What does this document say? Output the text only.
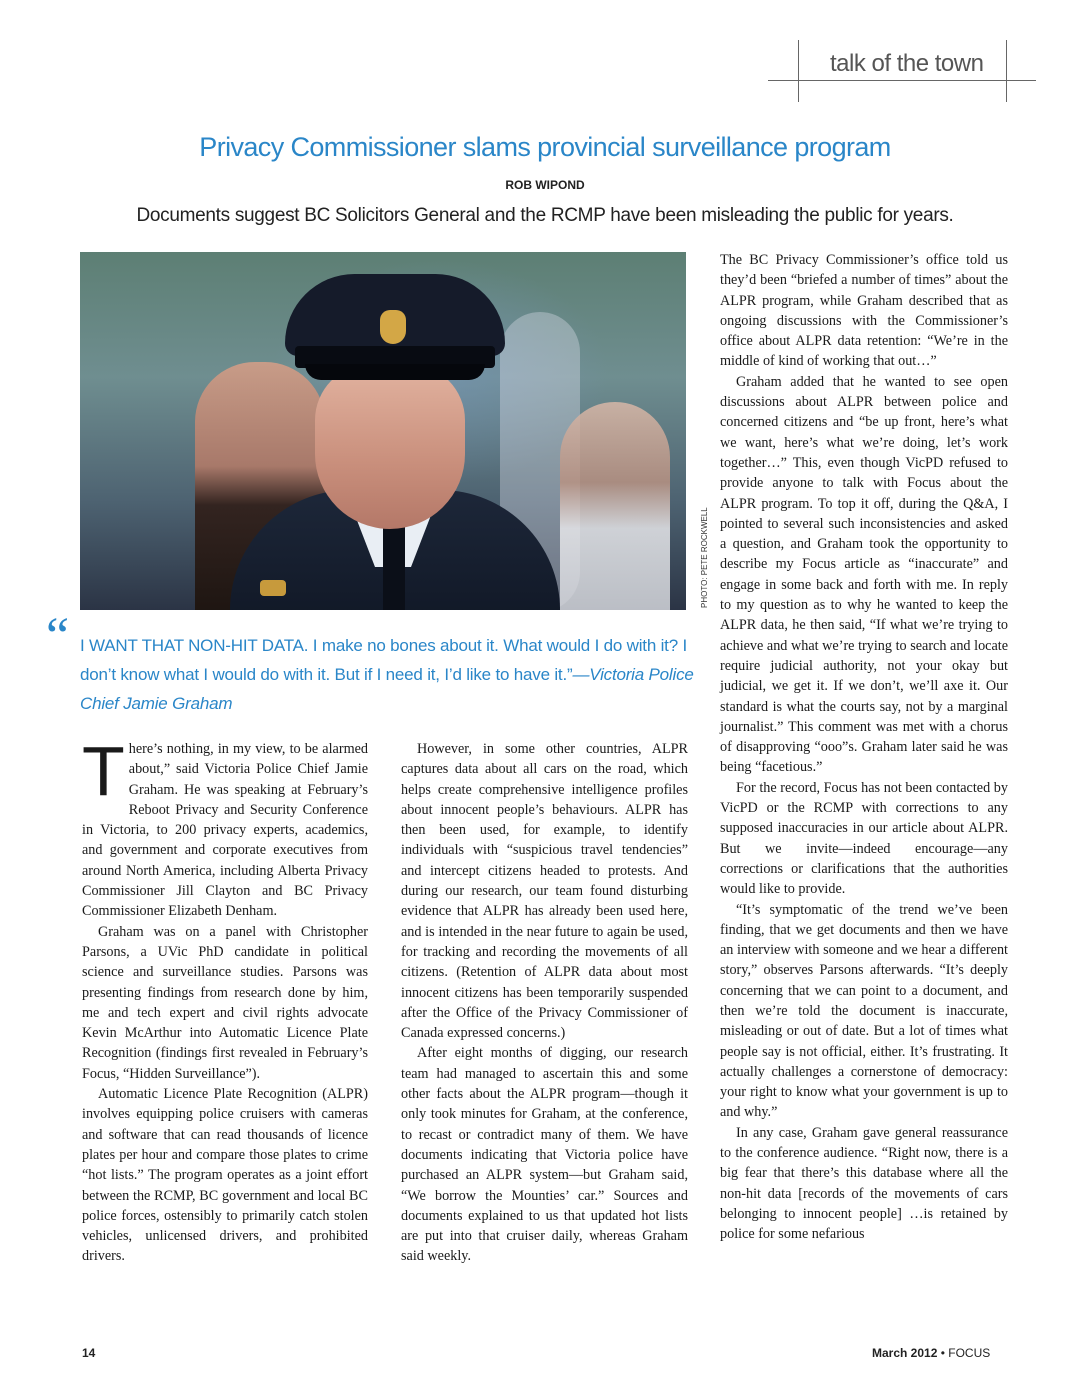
talk of the town
Privacy Commissioner slams provincial surveillance program
ROB WIPOND
Documents suggest BC Solicitors General and the RCMP have been misleading the public for years.
PHOTO: PETE ROCKWELL
“ I WANT THAT NON-HIT DATA. I make no bones about it. What would I do with it? I don’t know what I would do with it. But if I need it, I’d like to have it.”—Victoria Police Chief Jamie Graham

There’s nothing, in my view, to be alarmed about,” said Victoria Police Chief Jamie Graham. He was speaking at February’s Reboot Privacy and Security Conference in Victoria, to 200 privacy experts, academics, and government and corporate executives from around North America, including Alberta Privacy Commissioner Jill Clayton and BC Privacy Commissioner Elizabeth Denham.

Graham was on a panel with Christopher Parsons, a UVic PhD candidate in political science and surveillance studies. Parsons was presenting findings from research done by him, me and tech expert and civil rights advocate Kevin McArthur into Automatic Licence Plate Recognition (findings first revealed in February’s Focus, “Hidden Surveillance”).

Automatic Licence Plate Recognition (ALPR) involves equipping police cruisers with cameras and software that can read thousands of licence plates per hour and compare those plates to crime “hot lists.” The program operates as a joint effort between the RCMP, BC government and local BC police forces, ostensibly to primarily catch stolen vehicles, unlicensed drivers, and prohibited drivers.

However, in some other countries, ALPR captures data about all cars on the road, which helps create comprehensive intelligence profiles about innocent people’s behaviours. ALPR has then been used, for example, to identify individuals with “suspicious travel tendencies” and intercept citizens headed to protests. And during our research, our team found disturbing evidence that ALPR has already been used here, and is intended in the near future to again be used, for tracking and recording the movements of all citizens. (Retention of ALPR data about most innocent citizens has been temporarily suspended after the Office of the Privacy Commissioner of Canada expressed concerns.)

After eight months of digging, our research team had managed to ascertain this and some other facts about the ALPR program—though it only took minutes for Graham, at the conference, to recast or contradict many of them. We have documents indicating that Victoria police have purchased an ALPR system—but Graham said, “We borrow the Mounties’ car.” Sources and documents explained to us that updated hot lists are put into that cruiser daily, whereas Graham said weekly.

The BC Privacy Commissioner’s office told us they’d been “briefed a number of times” about the ALPR program, while Graham described that as ongoing discussions with the Commissioner’s office about ALPR data retention: “We’re in the middle of kind of working that out…”

Graham added that he wanted to see open discussions about ALPR between police and concerned citizens and “be up front, here’s what we want, here’s what we’re doing, let’s work together…” This, even though VicPD refused to provide anyone to talk with Focus about the ALPR program. To top it off, during the Q&A, I pointed to several such inconsistencies and asked a question, and Graham took the opportunity to describe my Focus article as “inaccurate” and engage in some back and forth with me. In reply to my question as to why he wanted to keep the ALPR data, he then said, “If what we’re trying to achieve and what we’re trying to search and locate require judicial authority, not your okay but judicial, we get it. If we don’t, we’ll axe it. Our standard is what the courts say, not by a marginal journalist.” This comment was met with a chorus of disapproving “ooo”s. Graham later said he was being “facetious.”

For the record, Focus has not been contacted by VicPD or the RCMP with corrections to any supposed inaccuracies in our article about ALPR. But we invite—indeed encourage—any corrections or clarifications that the authorities would like to provide.

“It’s symptomatic of the trend we’ve been finding, that we get documents and then we have an interview with someone and we hear a different story,” observes Parsons afterwards. “It’s deeply concerning that we can point to a document, and then we’re told the document is inaccurate, misleading or out of date. But a lot of times what people say is not official, either. It’s frustrating. It actually challenges a cornerstone of democracy: your right to know what your government is up to and why.”

In any case, Graham gave general reassurance to the conference audience. “Right now, there is a big fear that there’s this database where all the non-hit data [records of the movements of cars belonging to innocent people] …is retained by police for some nefarious

14	March 2012 • FOCUS
